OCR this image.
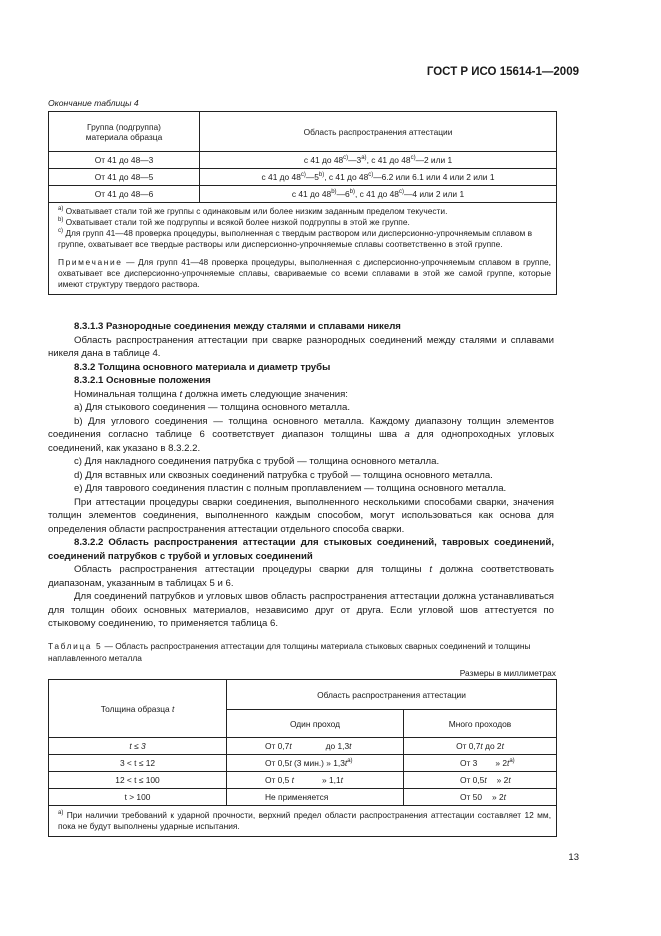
ГОСТ Р ИСО 15614-1—2009
Окончание таблицы 4
Группа (подгруппа) материала образца	Область распространения аттестации
От 41 до 48—3	с 41 до 48$^{c)}$—3$^{a)}$, с 41 до 48$^{c)}$—2 или 1
От 41 до 48—5	с 41 до 48$^{c)}$—5$^{b)}$, с 41 до 48$^{c)}$—6.2 или 6.1 или 4 или 2 или 1
От 41 до 48—6	с 41 до 48$^{b)}$—6$^{b)}$, с 41 до 48$^{c)}$—4 или 2 или 1

$^{a)}$ Охватывает стали той же группы с одинаковым или более низким заданным пределом текучести.

$^{b)}$ Охватывает стали той же подгруппы и всякой более низкой подгруппы в этой же группе.

$^{c)}$ Для групп 41—48 проверка процедуры, выполненная с твердым раствором или дисперсионно-упрочняемым сплавом в группе, охватывает все твердые растворы или дисперсионно-упрочняемые сплавы соответственно в этой группе.

Примечание — Для групп 41—48 проверка процедуры, выполненная с дисперсионно-упрочняемым сплавом в группе, охватывает все дисперсионно-упрочняемые сплавы, свариваемые со всеми сплавами в этой же самой группе, которые имеют структуру твердого раствора.	

8.3.1.3 Разнородные соединения между сталями и сплавами никеля

Область распространения аттестации при сварке разнородных соединений между сталями и сплавами никеля дана в таблице 4.

8.3.2 Толщина основного материала и диаметр трубы

8.3.2.1 Основные положения

Номинальная толщина t должна иметь следующие значения:

а) Для стыкового соединения — толщина основного металла.

b) Для углового соединения — толщина основного металла. Каждому диапазону толщин элементов соединения согласно таблице 6 соответствует диапазон толщины шва а для однопроходных угловых соединений, как указано в 8.3.2.2.

с) Для накладного соединения патрубка с трубой — толщина основного металла.

d) Для вставных или сквозных соединений патрубка с трубой — толщина основного металла.

e) Для таврового соединения пластин с полным проплавлением — толщина основного металла.

При аттестации процедуры сварки соединения, выполненного несколькими способами сварки, значения толщин элементов соединения, выполненного каждым способом, могут использоваться как основа для определения области распространения аттестации отдельного способа сварки.

8.3.2.2 Область распространения аттестации для стыковых соединений, тавровых соединений, соединений патрубков с трубой и угловых соединений

Область распространения аттестации процедуры сварки для толщины t должна соответствовать диапазонам, указанным в таблицах 5 и 6.

Для соединений патрубков и угловых швов область распространения аттестации должна устанавливаться для толщин обоих основных материалов, независимо друг от друга. Если угловой шов аттестуется по стыковому соединению, то применяется таблица 6.

Таблица 5 — Область распространения аттестации для толщины материала стыковых сварных соединений и толщины наплавленного металла
Размеры в миллиметрах
Толщина образца t	Область распространения аттестации	
	Один проход	Много проходов
t ≤ 3	От 0,7t до 1,3t	От 0,7t до 2t
3 < t ≤ 12	От 0,5t (3 мин.) » $1,3t^{a)}$	От 3 » $2t^{a)}$
12 < t ≤ 100	От 0,5 t » 1,1t	От 0,5t » 2t
t > 100	Не применяется	От 50 » 2t
$^{a)}$ При наличии требований к ударной прочности, верхний предел области распространения аттестации составляет 12 мм, пока не будут выполнены ударные испытания.		
13
